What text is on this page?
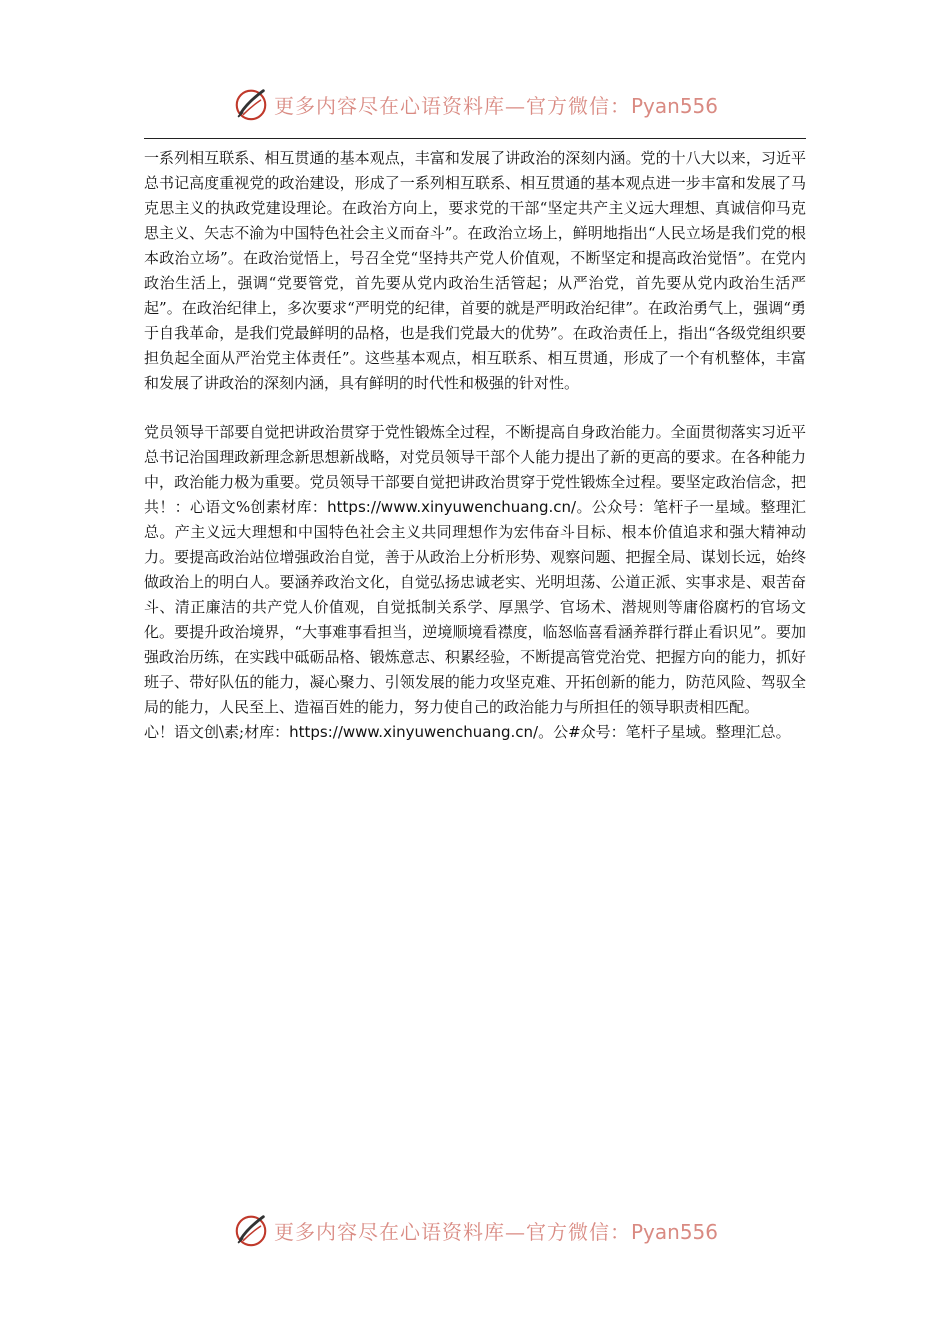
更多内容尽在心语资料库—官方微信：Pyan556

一系列相互联系、相互贯通的基本观点，丰富和发展了讲政治的深刻内涵。党的十八大以来，习近平总书记高度重视党的政治建设，形成了一系列相互联系、相互贯通的基本观点进一步丰富和发展了马克思主义的执政党建设理论。在政治方向上，要求党的干部“坚定共产主义远大理想、真诚信仰马克思主义、矢志不渝为中国特色社会主义而奋斗”。在政治立场上，鲜明地指出“人民立场是我们党的根本政治立场”。在政治觉悟上，号召全党“坚持共产党人价值观，不断坚定和提高政治觉悟”。在党内政治生活上，强调“党要管党，首先要从党内政治生活管起；从严治党，首先要从党内政治生活严起”。在政治纪律上，多次要求“严明党的纪律，首要的就是严明政治纪律”。在政治勇气上，强调“勇于自我革命，是我们党最鲜明的品格，也是我们党最大的优势”。在政治责任上，指出“各级党组织要担负起全面从严治党主体责任”。这些基本观点，相互联系、相互贯通，形成了一个有机整体，丰富和发展了讲政治的深刻内涵，具有鲜明的时代性和极强的针对性。

党员领导干部要自觉把讲政治贯穿于党性锻炼全过程，不断提高自身政治能力。全面贯彻落实习近平总书记治国理政新理念新思想新战略，对党员领导干部个人能力提出了新的更高的要求。在各种能力中，政治能力极为重要。党员领导干部要自觉把讲政治贯穿于党性锻炼全过程。要坚定政治信念，把共！：心语文%创素材库：https://www.xinyuwenchuang.cn/。公众号：笔杆子一星域。整理汇总。产主义远大理想和中国特色社会主义共同理想作为宏伟奋斗目标、根本价值追求和强大精神动力。要提高政治站位增强政治自觉，善于从政治上分析形势、观察问题、把握全局、谋划长远，始终做政治上的明白人。要涵养政治文化，自觉弘扬忠诚老实、光明坦荡、公道正派、实事求是、艰苦奋斗、清正廉洁的共产党人价值观，自觉抵制关系学、厚黑学、官场术、潜规则等庸俗腐朽的官场文化。要提升政治境界，“大事难事看担当，逆境顺境看襟度，临怒临喜看涵养群行群止看识见”。要加强政治历练，在实践中砥砺品格、锻炼意志、积累经验，不断提高管党治党、把握方向的能力，抓好班子、带好队伍的能力，凝心聚力、引领发展的能力攻坚克难、开拓创新的能力，防范风险、驾驭全局的能力，人民至上、造福百姓的能力，努力使自己的政治能力与所担任的领导职责相匹配。

心！语文创\素;材库：https://www.xinyuwenchuang.cn/。公#众号：笔杆子星域。整理汇总。

更多内容尽在心语资料库—官方微信：Pyan556
